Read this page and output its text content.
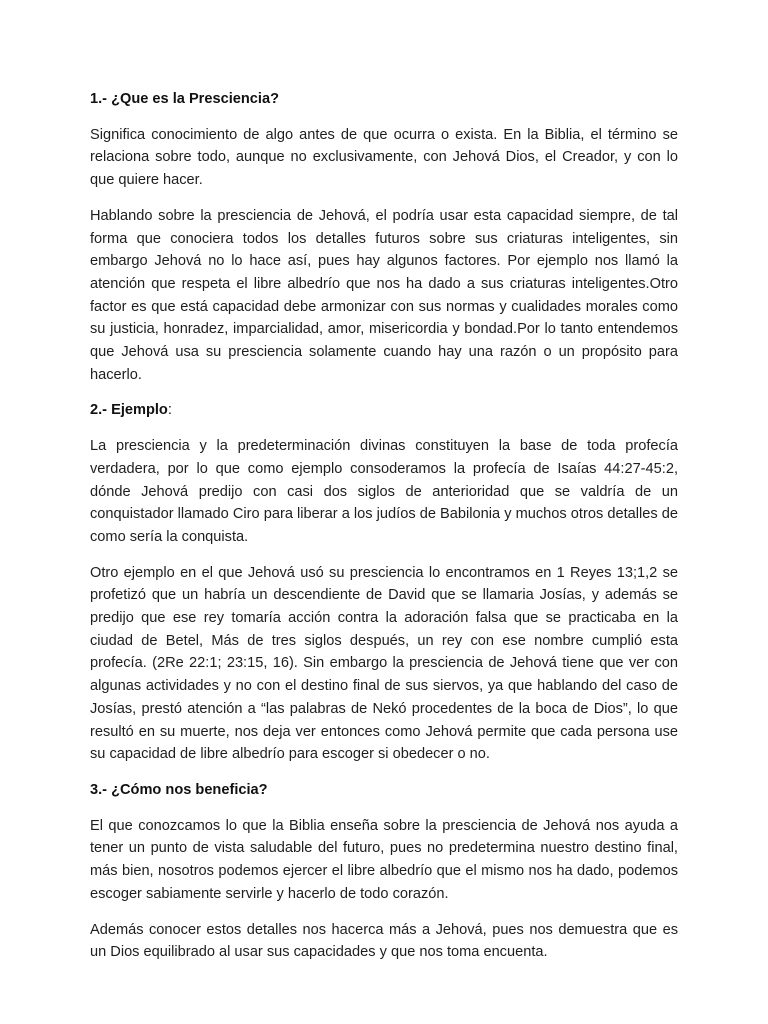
1.- ¿Que es la Presciencia?

Significa conocimiento de algo antes de que ocurra o exista. En la Biblia, el término se relaciona sobre todo, aunque no exclusivamente, con Jehová Dios, el Creador, y con lo que quiere hacer.

Hablando sobre la presciencia de Jehová, el podría usar esta capacidad siempre, de tal forma que conociera todos los detalles futuros sobre sus criaturas inteligentes, sin embargo Jehová no lo hace así, pues hay algunos factores. Por ejemplo nos llamó la atención que respeta el libre albedrío que nos ha dado a sus criaturas inteligentes.Otro factor es que está capacidad debe armonizar con sus normas y cualidades morales como su justicia, honradez, imparcialidad, amor, misericordia y bondad.Por lo tanto entendemos que Jehová usa su presciencia solamente cuando hay una razón o un propósito para hacerlo.

2.- Ejemplo:

La presciencia y la predeterminación divinas constituyen la base de toda profecía verdadera, por lo que como ejemplo consoderamos la profecía de Isaías 44:27-45:2, dónde Jehová predijo con casi dos siglos de anterioridad que se valdría de un conquistador llamado Ciro para liberar a los judíos de Babilonia y muchos otros detalles de como sería la conquista.

Otro ejemplo en el que Jehová usó su presciencia lo encontramos en 1 Reyes 13;1,2 se profetizó que un habría un descendiente de David que se llamaria Josías, y además se predijo que ese rey tomaría acción contra la adoración falsa que se practicaba en la ciudad de Betel, Más de tres siglos después, un rey con ese nombre cumplió esta profecía. (2Re 22:1; 23:15, 16). Sin embargo la presciencia de Jehová tiene que ver con algunas actividades y no con el destino final de sus siervos, ya que hablando del caso de Josías, prestó atención a “las palabras de Nekó procedentes de la boca de Dios”, lo que resultó en su muerte, nos deja ver entonces como Jehová permite que cada persona use su capacidad de libre albedrío para escoger si obedecer o no.

3.- ¿Cómo nos beneficia?

El que conozcamos lo que la Biblia enseña sobre la presciencia de Jehová nos ayuda a tener un punto de vista saludable del futuro, pues no predetermina nuestro destino final, más bien, nosotros podemos ejercer el libre albedrío que el mismo nos ha dado, podemos escoger sabiamente servirle y hacerlo de todo corazón.

Además conocer estos detalles nos hacerca más a Jehová, pues nos demuestra que es un Dios equilibrado al usar sus capacidades y que nos toma encuenta.
